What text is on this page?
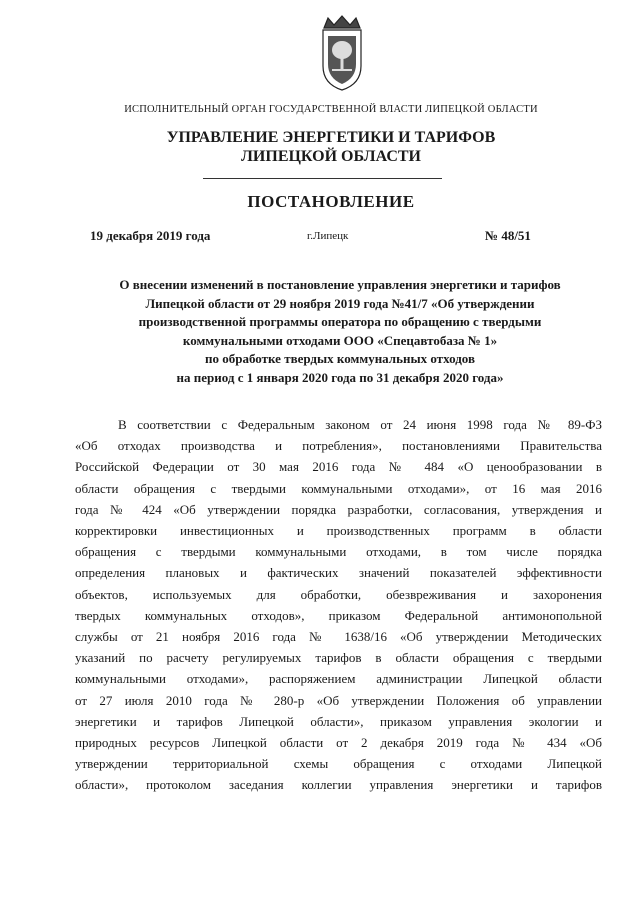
ИСПОЛНИТЕЛЬНЫЙ ОРГАН ГОСУДАРСТВЕННОЙ ВЛАСТИ ЛИПЕЦКОЙ ОБЛАСТИ
УПРАВЛЕНИЕ ЭНЕРГЕТИКИ И ТАРИФОВ
ЛИПЕЦКОЙ ОБЛАСТИ
ПОСТАНОВЛЕНИЕ
19 декабря 2019 года	г.Липецк	№ 48/51
О внесении изменений в постановление управления энергетики и тарифов
Липецкой области от 29 ноября 2019 года №41/7 «Об утверждении
производственной программы оператора по обращению с твердыми
коммунальными отходами ООО «Спецавтобаза № 1»
по обработке твердых коммунальных отходов
на период с 1 января 2020 года по 31 декабря 2020 года»
В соответствии с Федеральным законом от 24 июня 1998 года № 89-ФЗ
«Об отходах производства и потребления», постановлениями Правительства
Российской Федерации от 30 мая 2016 года № 484 «О ценообразовании в
области обращения с твердыми коммунальными отходами», от 16 мая 2016
года № 424 «Об утверждении порядка разработки, согласования, утверждения и
корректировки инвестиционных и производственных программ в области
обращения с твердыми коммунальными отходами, в том числе порядка
определения плановых и фактических значений показателей эффективности
объектов, используемых для обработки, обезвреживания и захоронения
твердых коммунальных отходов», приказом Федеральной антимонопольной
службы от 21 ноября 2016 года № 1638/16 «Об утверждении Методических
указаний по расчету регулируемых тарифов в области обращения с твердыми
коммунальными отходами», распоряжением администрации Липецкой области
от 27 июля 2010 года № 280-р «Об утверждении Положения об управлении
энергетики и тарифов Липецкой области», приказом управления экологии и
природных ресурсов Липецкой области от 2 декабря 2019 года № 434 «Об
утверждении территориальной схемы обращения с отходами Липецкой
области», протоколом заседания коллегии управления энергетики и тарифов
